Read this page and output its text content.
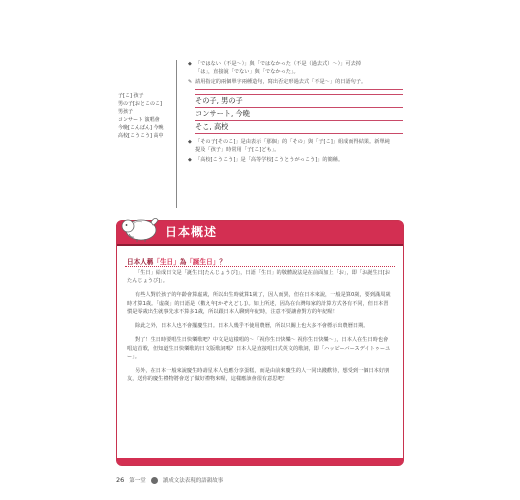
子[こ] 孩子
男の子[おとこのこ]
男孩子
コンサート 演唱會
今晩[こんばん] 今晚
高校[こうこう] 高中
◆ 「ではない（不是～）」與「ではなかった（不是（過去式）～）」可去掉
「は」，直接說「でない」與「でなかった」。
✎ 請用指定的兩個單字兩種造句，寫出否定形過去式「不是～」的日語句子。
その子, 男の子
コンサート, 今晩
そこ, 高校
◆ 「その子[そのこ]」是由表示「那個」的「その」與「子[こ]」組成而得結果。新單純
提及「孩子」時常用「子[こ]ども」。
◆ 「高校[こうこう]」是「高等学校[こうとうがっこう]」的簡稱。
日本概述
日本人稱「生日」為「誕生日」？

「生日」給成日文是「誕生日[たんじょうび]」，日語「生日」的敬體說法是在前面加上「お」，即「お誕生日[おたんじょうび]」。

有些人對於孩子的年齡會算虛歲，所以出生時就算1歲了，因人而異，但在日本來說，一般是算0歲，要到滿周歲時才算1歲。「虛歲」的日語是（數え年[かぞえどし]）。如上所述，因為在台灣每家的計算方式各有不同，但日本習慣是零歲出生就事先求不算多1歲，所以跟日本人聊到年紀時，注意不要讓會對方的年紀喔！

除此之外，日本人也不會擺慶生日。日本人幾乎不使用農曆，所以只關上也大多不會標示出農曆日期。

對了！生日時要唱生日快樂歌吧？中文是這樣唱的～「祝你生日快樂～ 祝你生日快樂～」，日本人在生日時也會唱這首歌，但知道生日快樂歌的日文版歌詞嗎？日本人是直接唱日式英文的歌詞，即「ハッピーバースデイトゥーユー」。

另外，在日本一般來說慶生時壽星本人也應分享蛋糕，而是由前來慶生的人一同出錢歡待，想受到一個日本好朋友，送你的慶生禮物將會送了做好禮物來喔，這樣應該會很有意思吧！

26 第一堂	讀成文法表現的語韻故事
